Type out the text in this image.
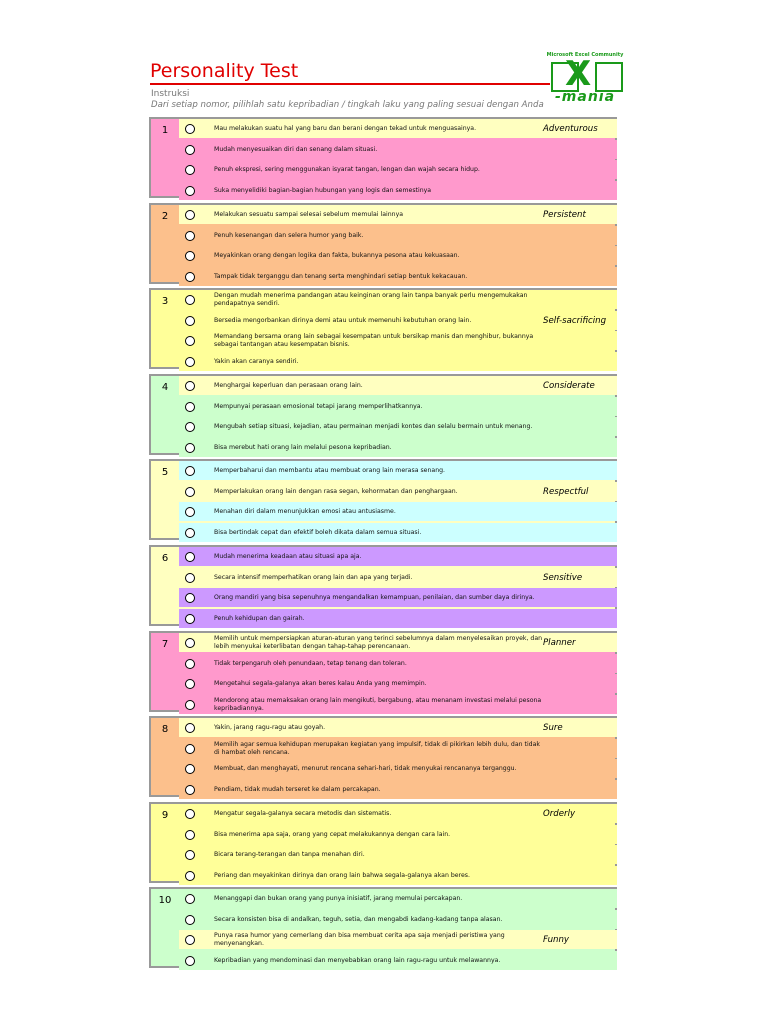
Personality Test
Instruksi
Dari setiap nomor, pilihlah satu kepribadian / tingkah laku yang paling sesuai dengan Anda
Microsoft Excel Community
X
-mania
1	Mau melakukan suatu hal yang baru dan berani dengan tekad untuk menguasainya.	Adventurous
Mudah menyesuaikan diri dan senang dalam situasi.
Penuh ekspresi, sering menggunakan isyarat tangan, lengan dan wajah secara hidup.
Suka menyelidiki bagian-bagian hubungan yang logis dan semestinya
2	Melakukan sesuatu sampai selesai sebelum memulai lainnya	Persistent
Penuh kesenangan dan selera humor yang baik.
Meyakinkan orang dengan logika dan fakta, bukannya pesona atau kekuasaan.
Tampak tidak terganggu dan tenang serta menghindari setiap bentuk kekacauan.
3
Dengan mudah menerima pandangan atau keinginan orang lain tanpa banyak perlu mengemukakan pendapatnya sendiri.
Bersedia mengorbankan dirinya demi atau untuk memenuhi kebutuhan orang lain.	Self-sacrificing
Memandang bersama orang lain sebagai kesempatan untuk bersikap manis dan menghibur, bukannya sebagai tantangan atau kesempatan bisnis.
Yakin akan caranya sendiri.
4	Menghargai keperluan dan perasaan orang lain.	Considerate
Mempunyai perasaan emosional tetapi jarang memperlihatkannya.
Mengubah setiap situasi, kejadian, atau permainan menjadi kontes dan selalu bermain untuk menang.
Bisa merebut hati orang lain melalui pesona kepribadian.
5	Memperbaharui dan membantu atau membuat orang lain merasa senang.
Memperlakukan orang lain dengan rasa segan, kehormatan dan penghargaan.	Respectful
Menahan diri dalam menunjukkan emosi atau antusiasme.
Bisa bertindak cepat dan efektif boleh dikata dalam semua situasi.
6	Mudah menerima keadaan atau situasi apa aja.
Secara intensif memperhatikan orang lain dan apa yang terjadi.	Sensitive
Orang mandiri yang bisa sepenuhnya mengandalkan kemampuan, penilaian, dan sumber daya dirinya.
Penuh kehidupan dan gairah.
7
Memilih untuk mempersiapkan aturan-aturan yang terinci sebelumnya dalam menyelesaikan proyek, dan lebih menyukai keterlibatan dengan tahap-tahap perencanaan.	Planner
Tidak terpengaruh oleh penundaan, tetap tenang dan toleran.
Mengetahui segala-galanya akan beres kalau Anda yang memimpin.
Mendorong atau memaksakan orang lain mengikuti, bergabung, atau menanam investasi melalui pesona kepribadiannya.
8	Yakin, jarang ragu-ragu atau goyah.	Sure
Memilih agar semua kehidupan merupakan kegiatan yang impulsif, tidak di pikirkan lebih dulu, dan tidak di hambat oleh rencana.
Membuat, dan menghayati, menurut rencana sehari-hari, tidak menyukai rencananya terganggu.
Pendiam, tidak mudah terseret ke dalam percakapan.
9	Mengatur segala-galanya secara metodis dan sistematis.	Orderly
Bisa menerima apa saja, orang yang cepat melakukannya dengan cara lain.
Bicara terang-terangan dan tanpa menahan diri.
Periang dan meyakinkan dirinya dan orang lain bahwa segala-galanya akan beres.
10	Menanggapi dan bukan orang yang punya inisiatif, jarang memulai percakapan.
Secara konsisten bisa di andalkan, teguh, setia, dan mengabdi kadang-kadang tanpa alasan.
Punya rasa humor yang cemerlang dan bisa membuat cerita apa saja menjadi peristiwa yang menyenangkan.	Funny
Kepribadian yang mendominasi dan menyebabkan orang lain ragu-ragu untuk melawannya.
